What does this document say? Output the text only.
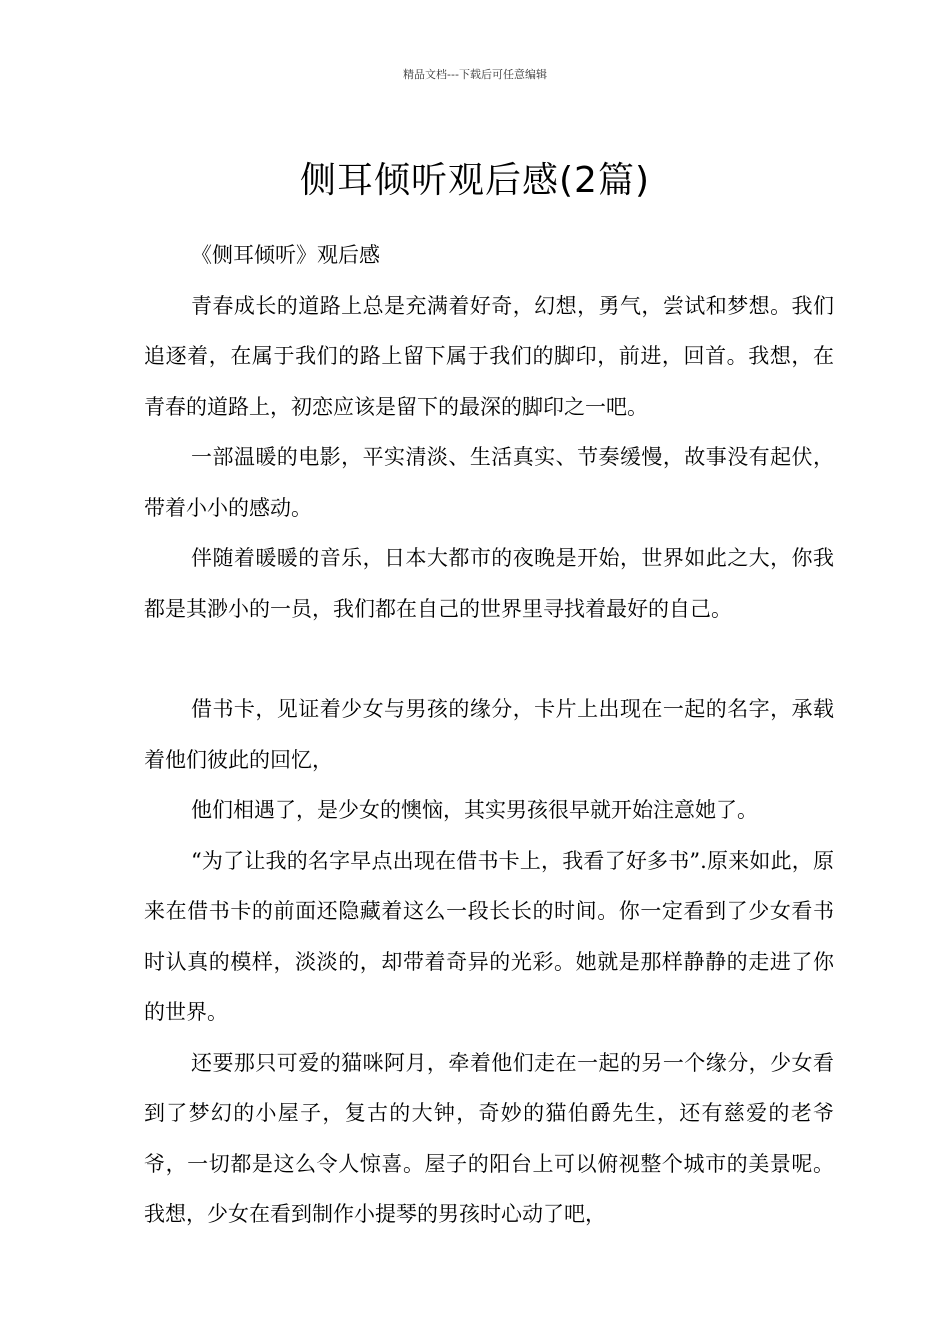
精品文档---下载后可任意编辑
侧耳倾听观后感(2篇)

《侧耳倾听》观后感

青春成长的道路上总是充满着好奇，幻想，勇气，尝试和梦想。我们追逐着，在属于我们的路上留下属于我们的脚印，前进，回首。我想，在青春的道路上，初恋应该是留下的最深的脚印之一吧。

一部温暖的电影，平实清淡、生活真实、节奏缓慢，故事没有起伏，带着小小的感动。

伴随着暖暖的音乐，日本大都市的夜晚是开始，世界如此之大，你我都是其渺小的一员，我们都在自己的世界里寻找着最好的自己。

借书卡，见证着少女与男孩的缘分，卡片上出现在一起的名字，承载着他们彼此的回忆，

他们相遇了，是少女的懊恼，其实男孩很早就开始注意她了。

“为了让我的名字早点出现在借书卡上，我看了好多书”.原来如此，原来在借书卡的前面还隐藏着这么一段长长的时间。你一定看到了少女看书时认真的模样，淡淡的，却带着奇异的光彩。她就是那样静静的走进了你的世界。

还要那只可爱的猫咪阿月，牵着他们走在一起的另一个缘分，少女看到了梦幻的小屋子，复古的大钟，奇妙的猫伯爵先生，还有慈爱的老爷爷，一切都是这么令人惊喜。屋子的阳台上可以俯视整个城市的美景呢。我想，少女在看到制作小提琴的男孩时心动了吧，
